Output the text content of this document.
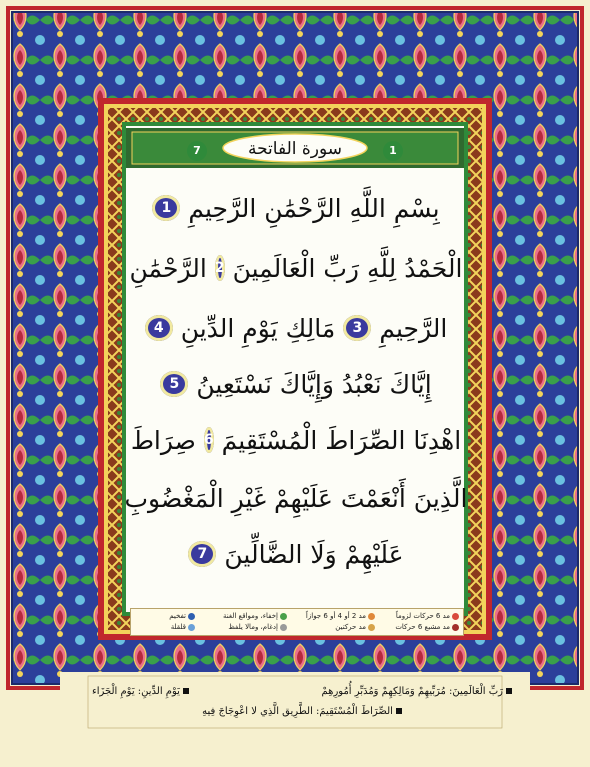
7	سورة الفاتحة	1
بِسْمِ اللَّهِ الرَّحْمَٰنِ الرَّحِيمِ
1
الْحَمْدُ لِلَّهِ رَبِّ الْعَالَمِينَ
2
الرَّحْمَٰنِ
الرَّحِيمِ
3
مَالِكِ يَوْمِ الدِّينِ
4
إِيَّاكَ نَعْبُدُ وَإِيَّاكَ نَسْتَعِينُ
5
اهْدِنَا الصِّرَاطَ الْمُسْتَقِيمَ
6
صِرَاطَ
الَّذِينَ أَنْعَمْتَ عَلَيْهِمْ غَيْرِ الْمَغْضُوبِ
عَلَيْهِمْ وَلَا الضَّالِّينَ
7
مد 6 حركات لزوماً
مد 2 أو 4 أو 6 جوازاً
إخفاء، ومواقع الغنة
تفخيم
مد مشبع 6 حركات
مد حركتين
إدغام، ومالا يلفظ
قلقلة
رَبِّ الْعَالَمِينَ: مُرَبِّيهِمْ وَمَالِكِهِمْ وَمُدَبِّرِ أُمُورِهِمْ
يَوْمِ الدِّينِ: يَوْمِ الْجَزَاء
الصِّرَاطَ الْمُسْتَقِيمَ: الطَّرِيق الَّذِي لا اعْوِجَاجَ فِيهِ
